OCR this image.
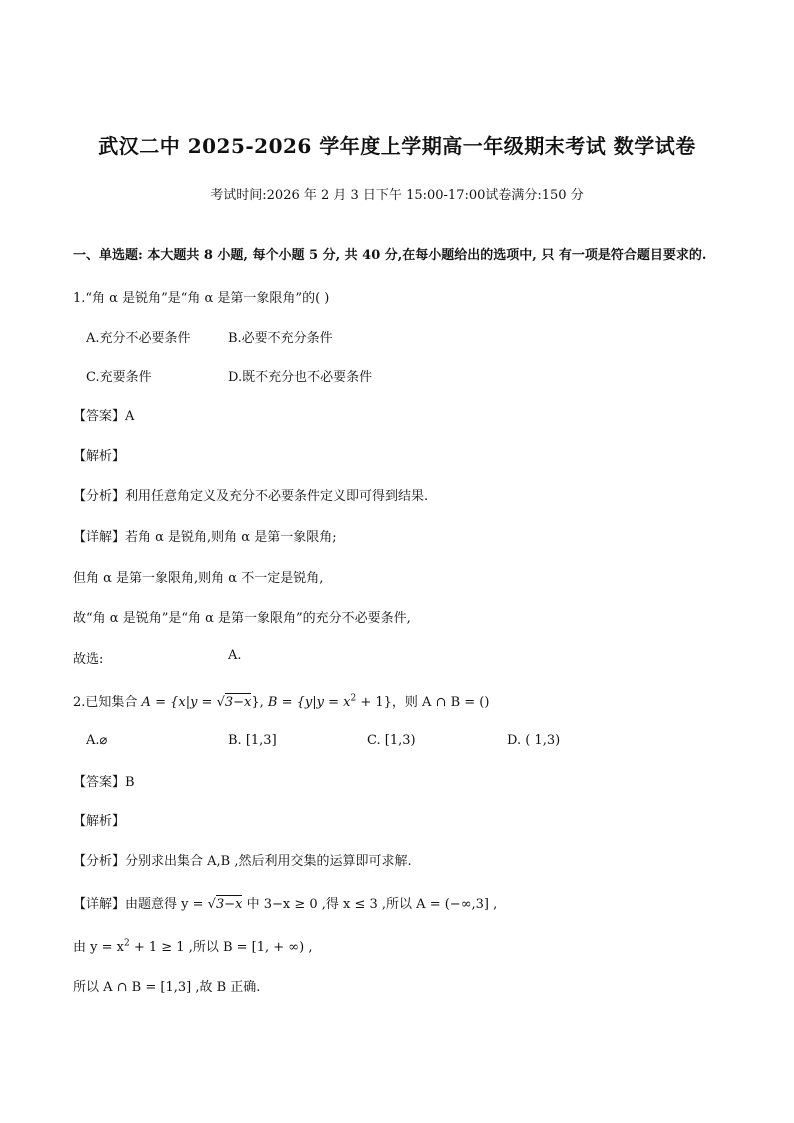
武汉二中 2025-2026 学年度上学期高一年级期末考试 数学试卷
考试时间:2026 年 2 月 3 日下午 15:00-17:00试卷满分:150 分
一、单选题: 本大题共 8 小题, 每个小题 5 分, 共 40 分,在每小题给出的选项中, 只 有一项是符合题目要求的.
1.“角 α 是锐角”是“角 α 是第一象限角”的( )
A.充分不必要条件	B.必要不充分条件
C.充要条件	D.既不充分也不必要条件
【答案】A
【解析】
【分析】利用任意角定义及充分不必要条件定义即可得到结果.
【详解】若角 α 是锐角,则角 α 是第一象限角;
但角 α 是第一象限角,则角 α 不一定是锐角,
故“角 α 是锐角”是“角 α 是第一象限角”的充分不必要条件,
故选:	A.
2.已知集合 A = {x|y = √3−x}, $B = \{y|y = x^2 + 1\}$，则 A ∩ B = ()
A.⌀	B. [1,3]	C. [1,3)	D. ( 1,3)
【答案】B
【解析】
【分析】分别求出集合 A,B ,然后利用交集的运算即可求解.
【详解】由题意得 y = √3−x 中 3−x ≥ 0 ,得 x ≤ 3 ,所以 A = (−∞,3] ,
由 $y = x^2 + 1 \ge 1$ ,所以 B = [1, + ∞) ,
所以 A ∩ B = [1,3] ,故 B 正确.
